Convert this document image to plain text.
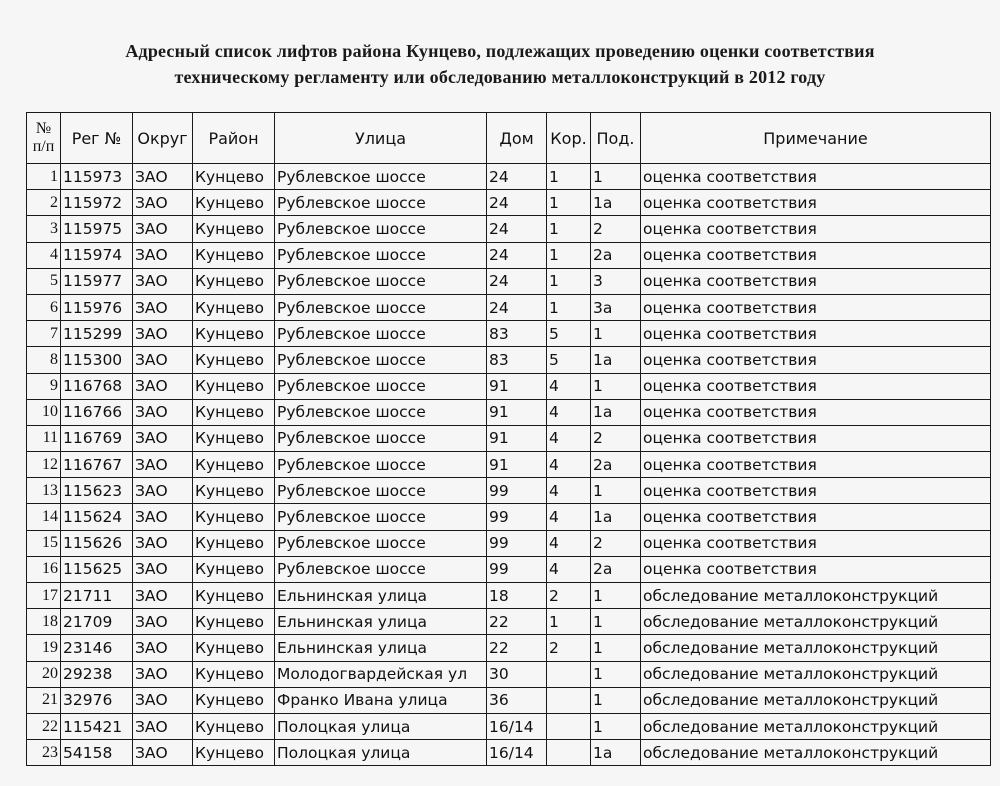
Адресный список лифтов района Кунцево, подлежащих проведению оценки соответствия
техническому регламенту или обследованию металлоконструкций в 2012 году
№
п/п	Рег №	Округ	Район	Улица	Дом	Кор.	Под.	Примечание
1	115973	ЗАО	Кунцево	Рублевское шоссе	24	1	1	оценка соответствия
2	115972	ЗАО	Кунцево	Рублевское шоссе	24	1	1а	оценка соответствия
3	115975	ЗАО	Кунцево	Рублевское шоссе	24	1	2	оценка соответствия
4	115974	ЗАО	Кунцево	Рублевское шоссе	24	1	2а	оценка соответствия
5	115977	ЗАО	Кунцево	Рублевское шоссе	24	1	3	оценка соответствия
6	115976	ЗАО	Кунцево	Рублевское шоссе	24	1	3а	оценка соответствия
7	115299	ЗАО	Кунцево	Рублевское шоссе	83	5	1	оценка соответствия
8	115300	ЗАО	Кунцево	Рублевское шоссе	83	5	1а	оценка соответствия
9	116768	ЗАО	Кунцево	Рублевское шоссе	91	4	1	оценка соответствия
10	116766	ЗАО	Кунцево	Рублевское шоссе	91	4	1а	оценка соответствия
11	116769	ЗАО	Кунцево	Рублевское шоссе	91	4	2	оценка соответствия
12	116767	ЗАО	Кунцево	Рублевское шоссе	91	4	2а	оценка соответствия
13	115623	ЗАО	Кунцево	Рублевское шоссе	99	4	1	оценка соответствия
14	115624	ЗАО	Кунцево	Рублевское шоссе	99	4	1а	оценка соответствия
15	115626	ЗАО	Кунцево	Рублевское шоссе	99	4	2	оценка соответствия
16	115625	ЗАО	Кунцево	Рублевское шоссе	99	4	2а	оценка соответствия
17	21711	ЗАО	Кунцево	Ельнинская улица	18	2	1	обследование металлоконструкций
18	21709	ЗАО	Кунцево	Ельнинская улица	22	1	1	обследование металлоконструкций
19	23146	ЗАО	Кунцево	Ельнинская улица	22	2	1	обследование металлоконструкций
20	29238	ЗАО	Кунцево	Молодогвардейская ул	30		1	обследование металлоконструкций
21	32976	ЗАО	Кунцево	Франко Ивана улица	36		1	обследование металлоконструкций
22	115421	ЗАО	Кунцево	Полоцкая улица	16/14		1	обследование металлоконструкций
23	54158	ЗАО	Кунцево	Полоцкая улица	16/14		1а	обследование металлоконструкций
